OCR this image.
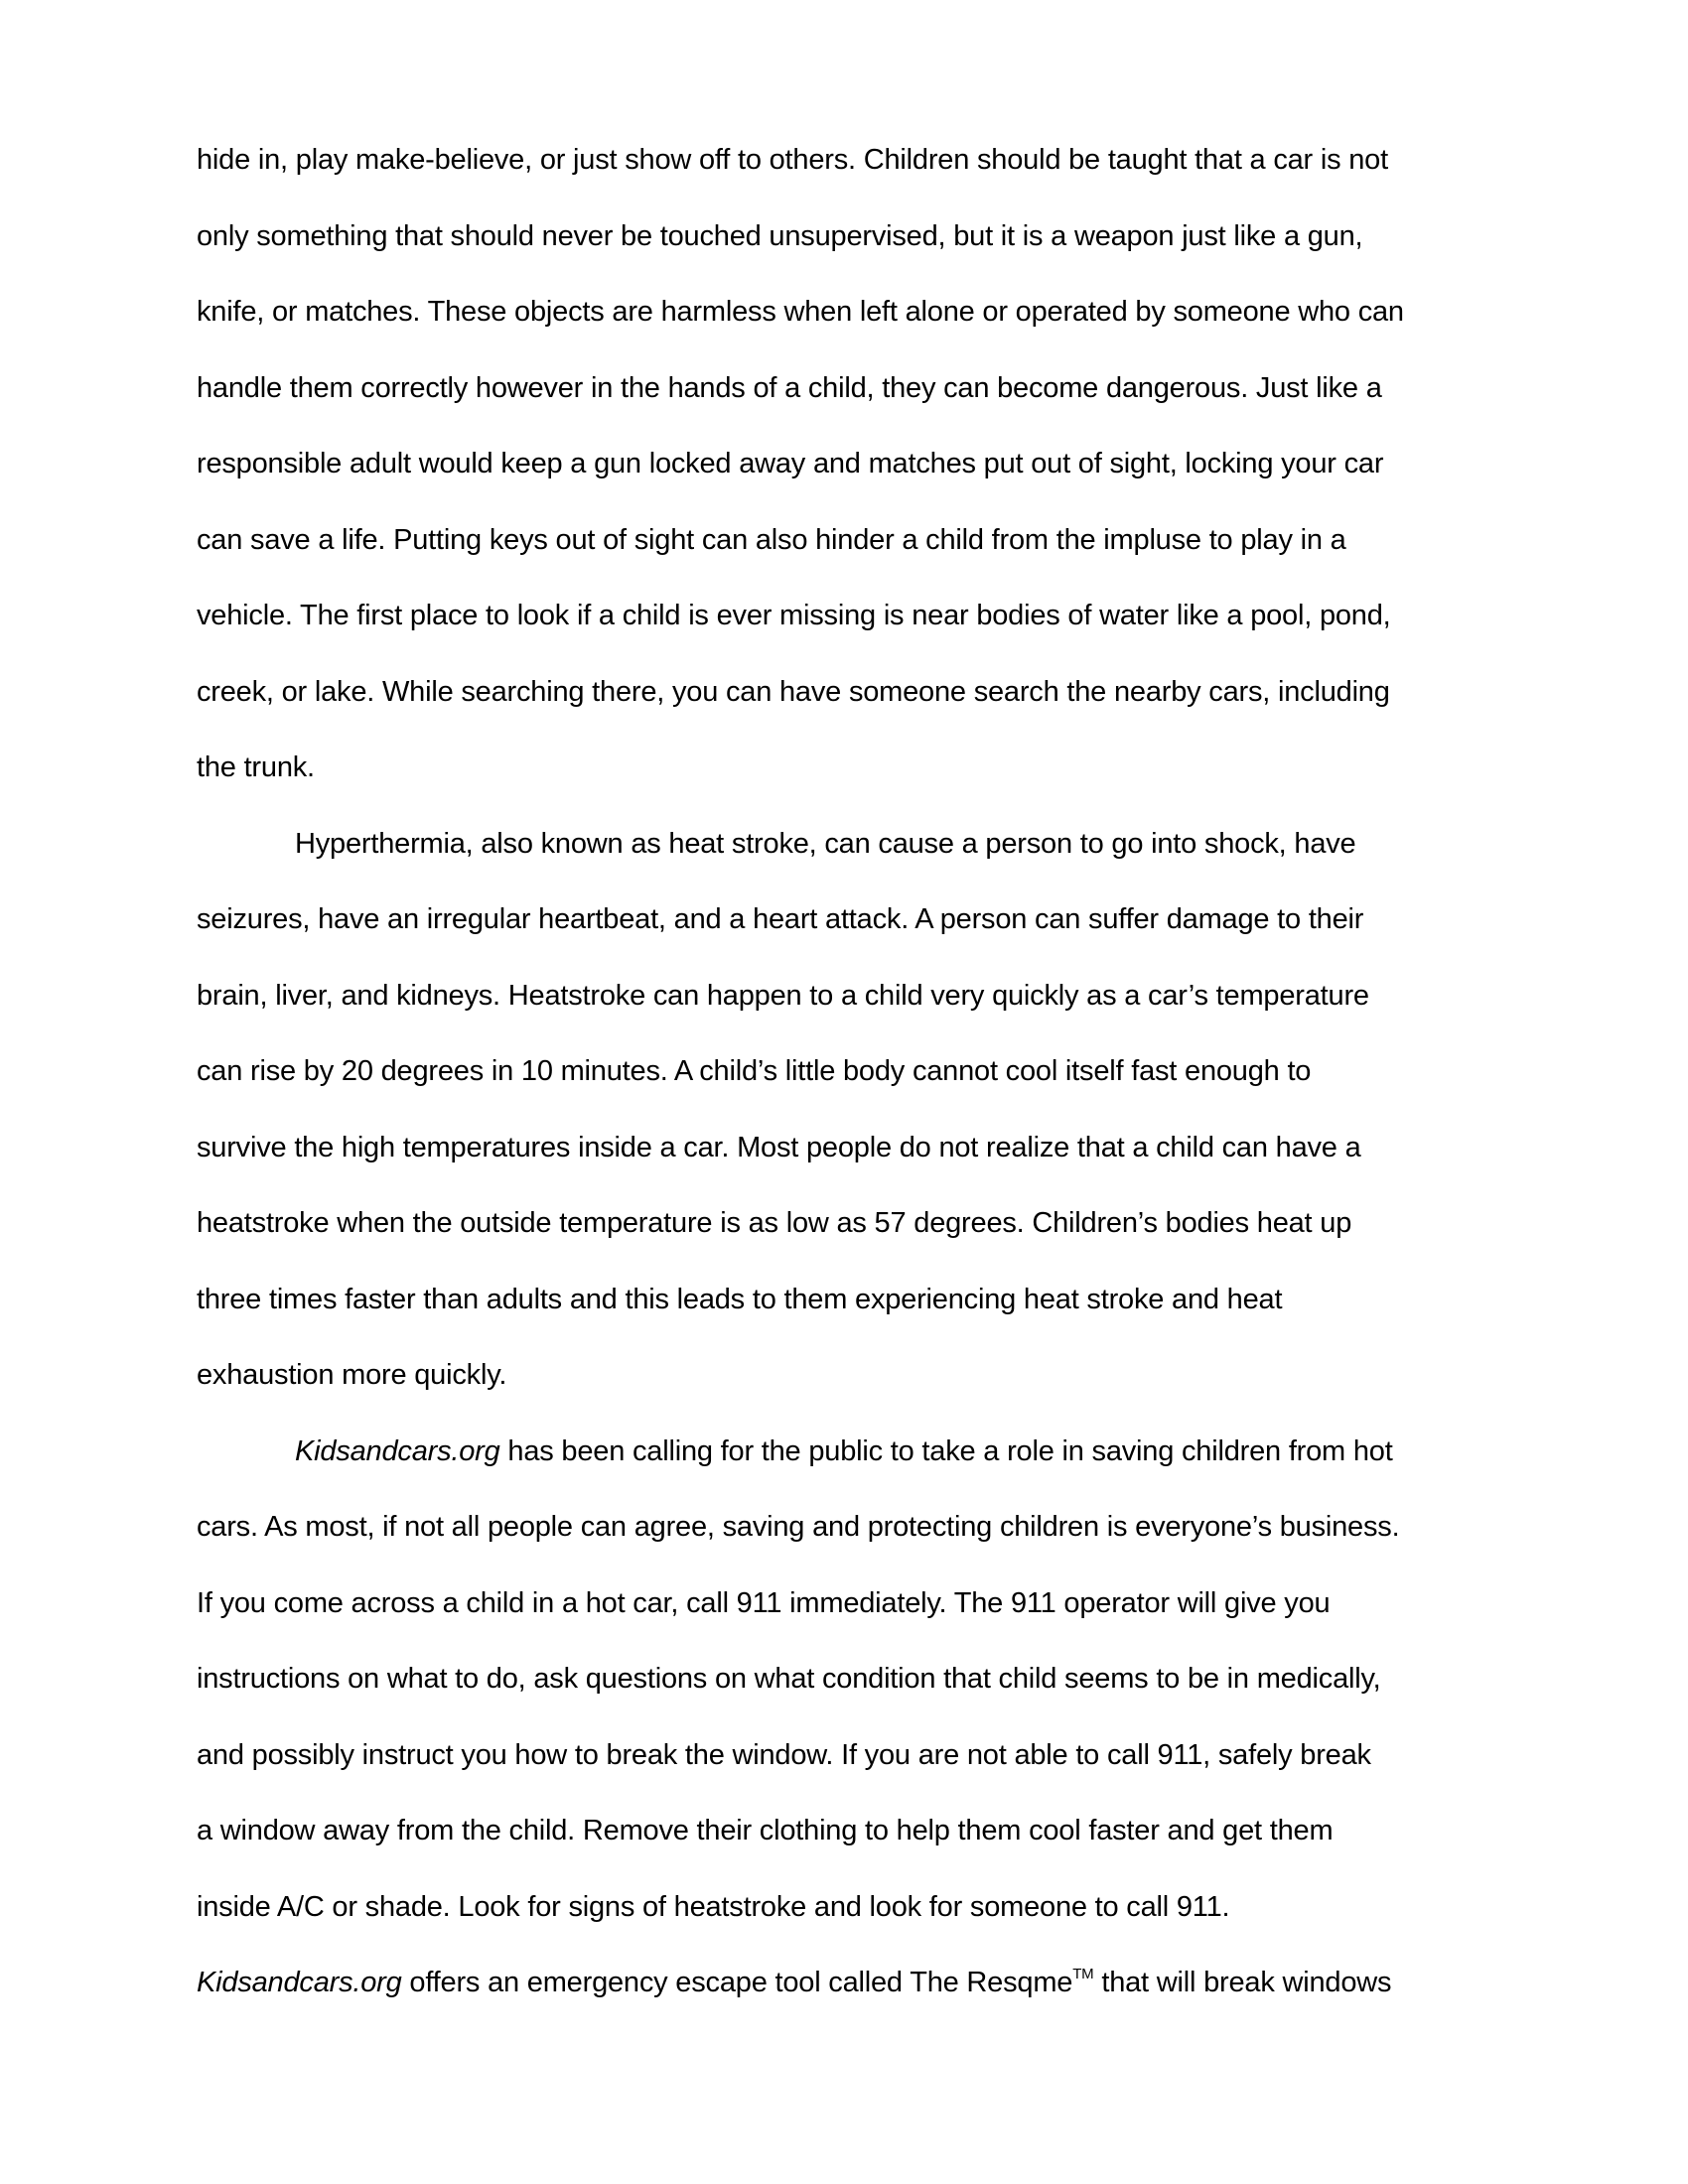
hide in, play make-believe, or just show off to others. Children should be taught that a car is not
only something that should never be touched unsupervised, but it is a weapon just like a gun,
knife, or matches. These objects are harmless when left alone or operated by someone who can
handle them correctly however in the hands of a child, they can become dangerous. Just like a
responsible adult would keep a gun locked away and matches put out of sight, locking your car
can save a life. Putting keys out of sight can also hinder a child from the impluse to play in a
vehicle. The first place to look if a child is ever missing is near bodies of water like a pool, pond,
creek, or lake. While searching there, you can have someone search the nearby cars, including
the trunk.
Hyperthermia, also known as heat stroke, can cause a person to go into shock, have
seizures, have an irregular heartbeat, and a heart attack. A person can suffer damage to their
brain, liver, and kidneys. Heatstroke can happen to a child very quickly as a car’s temperature
can rise by 20 degrees in 10 minutes. A child’s little body cannot cool itself fast enough to
survive the high temperatures inside a car. Most people do not realize that a child can have a
heatstroke when the outside temperature is as low as 57 degrees. Children’s bodies heat up
three times faster than adults and this leads to them experiencing heat stroke and heat
exhaustion more quickly.
Kidsandcars.org has been calling for the public to take a role in saving children from hot
cars. As most, if not all people can agree, saving and protecting children is everyone’s business.
If you come across a child in a hot car, call 911 immediately. The 911 operator will give you
instructions on what to do, ask questions on what condition that child seems to be in medically,
and possibly instruct you how to break the window. If you are not able to call 911, safely break
a window away from the child. Remove their clothing to help them cool faster and get them
inside A/C or shade. Look for signs of heatstroke and look for someone to call 911.
Kidsandcars.org offers an emergency escape tool called The Resqme™ that will break windows
